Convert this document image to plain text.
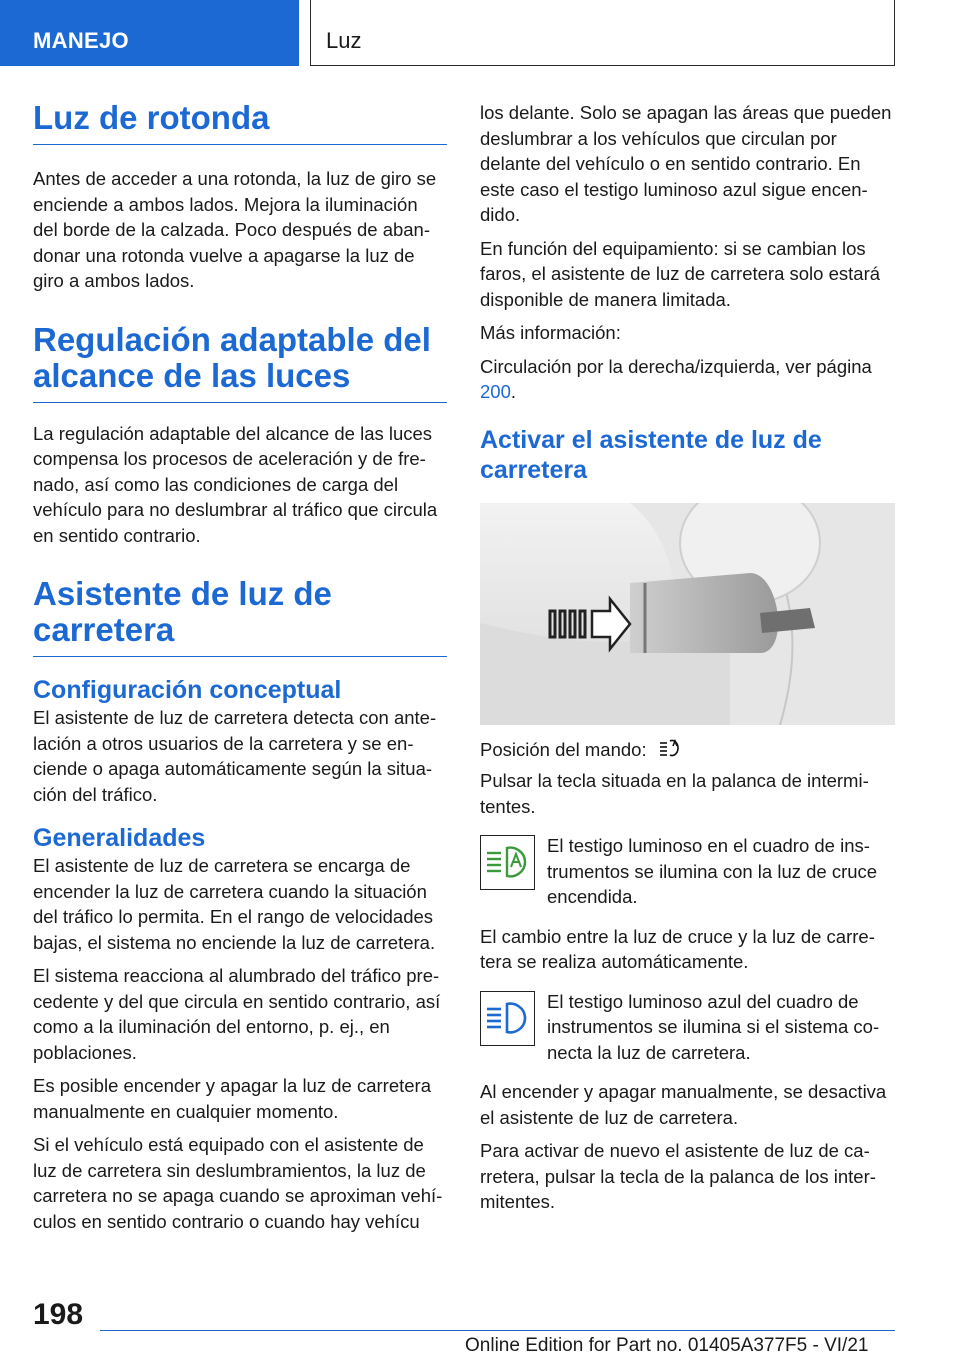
MANEJO	Luz
Luz de rotonda

Antes de acceder a una rotonda, la luz de giro se enciende a ambos lados. Mejora la iluminación del borde de la calzada. Poco después de abandonar una rotonda vuelve a apagarse la luz de giro a ambos lados.

Regulación adaptable del alcance de las luces

La regulación adaptable del alcance de las luces compensa los procesos de aceleración y de frenado, así como las condiciones de carga del vehículo para no deslumbrar al tráfico que circula en sentido contrario.

Asistente de luz de carretera
Configuración conceptual

El asistente de luz de carretera detecta con antelación a otros usuarios de la carretera y se enciende o apaga automáticamente según la situación del tráfico.

Generalidades

El asistente de luz de carretera se encarga de encender la luz de carretera cuando la situación del tráfico lo permita. En el rango de velocidades bajas, el sistema no enciende la luz de carretera.

El sistema reacciona al alumbrado del tráfico precedente y del que circula en sentido contrario, así como a la iluminación del entorno, p. ej., en poblaciones.

Es posible encender y apagar la luz de carretera manualmente en cualquier momento.

Si el vehículo está equipado con el asistente de luz de carretera sin deslumbramientos, la luz de carretera no se apaga cuando se aproximan vehículos en sentido contrario o cuando hay vehícu

los delante. Solo se apagan las áreas que pueden deslumbrar a los vehículos que circulan por delante del vehículo o en sentido contrario. En este caso el testigo luminoso azul sigue encendido.

En función del equipamiento: si se cambian los faros, el asistente de luz de carretera solo estará disponible de manera limitada.

Más información:

Circulación por la derecha/izquierda, ver página 200.

Activar el asistente de luz de carretera

Posición del mando:

Pulsar la tecla situada en la palanca de intermitentes.

El testigo luminoso en el cuadro de instrumentos se ilumina con la luz de cruce encendida.

El cambio entre la luz de cruce y la luz de carretera se realiza automáticamente.

El testigo luminoso azul del cuadro de instrumentos se ilumina si el sistema conecta la luz de carretera.

Al encender y apagar manualmente, se desactiva el asistente de luz de carretera.

Para activar de nuevo el asistente de luz de carretera, pulsar la tecla de la palanca de los intermitentes.

198
Online Edition for Part no. 01405A377F5 - VI/21
